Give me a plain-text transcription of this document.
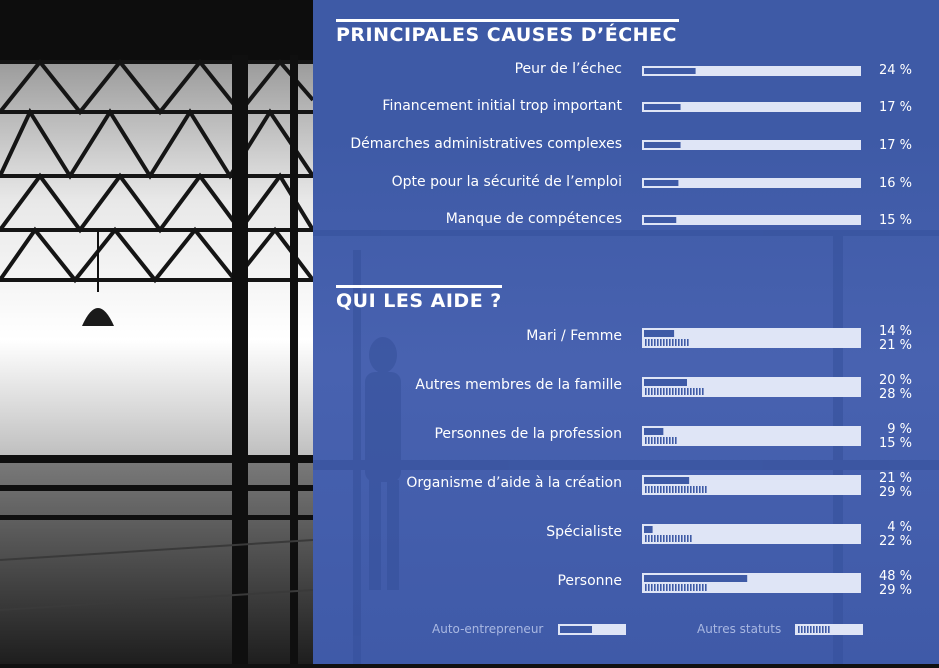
PRINCIPALES CAUSES D’ÉCHEC
QUI LES AIDE ?
Peur de l’échec
Financement initial trop important
Démarches administratives complexes
Opte pour la sécurité de l’emploi
Manque de compétences
24 %
17 %
17 %
16 %
15 %
Mari / Femme
Autres membres de la famille
Personnes de la profession
Organisme d’aide à la création
Spécialiste
Personne
14 %
21 %
20 %
28 %
9 %
15 %
21 %
29 %
4 %
22 %
48 %
29 %
Auto-entrepreneur	Autres statuts
